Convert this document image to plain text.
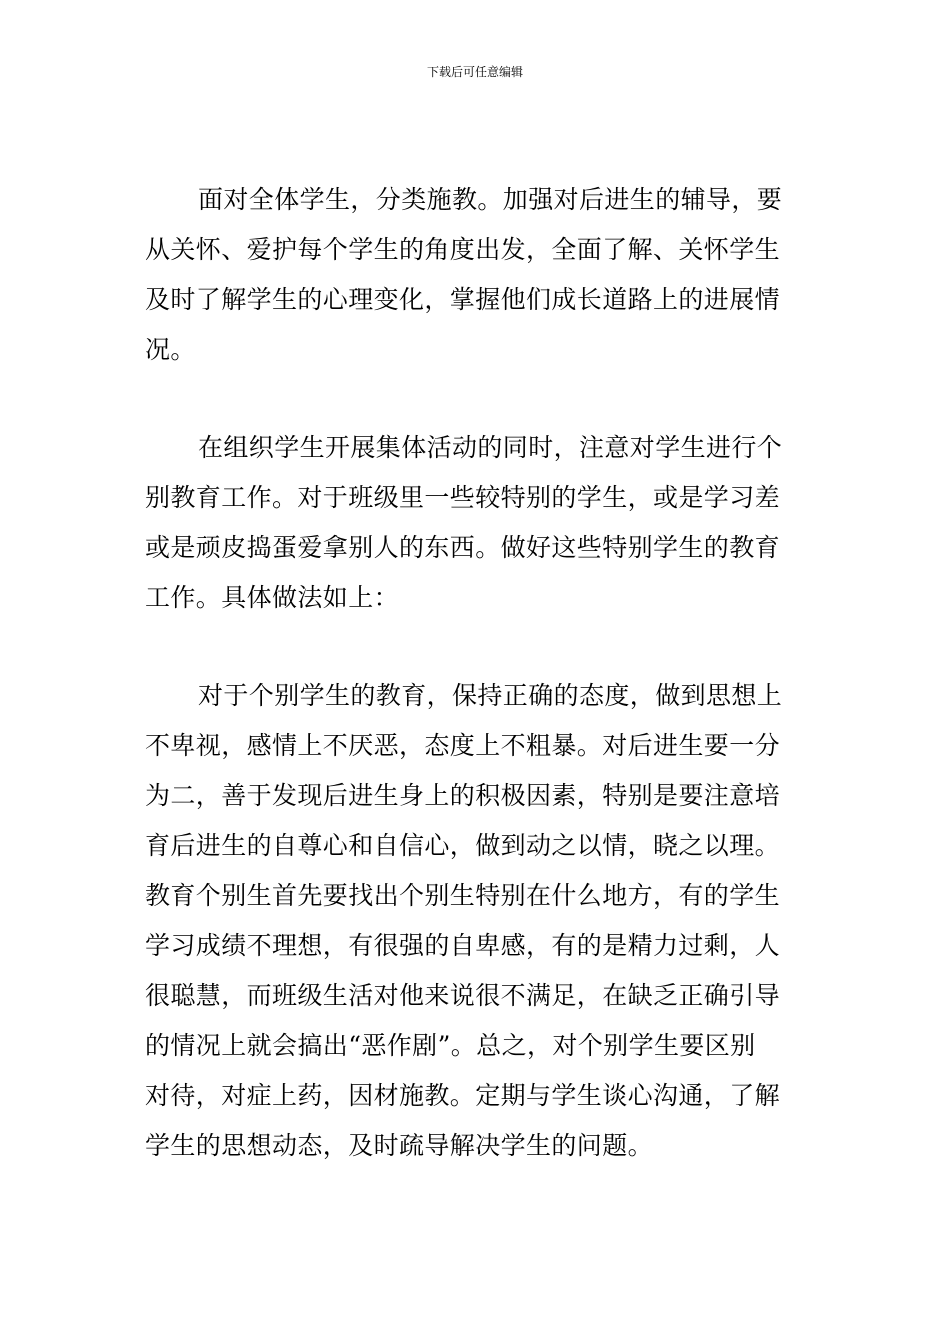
下载后可任意编辑
面对全体学生，分类施教。加强对后进生的辅导，要
从关怀、爱护每个学生的角度出发，全面了解、关怀学生
及时了解学生的心理变化，掌握他们成长道路上的进展情
况。
在组织学生开展集体活动的同时，注意对学生进行个
别教育工作。对于班级里一些较特别的学生，或是学习差
或是顽皮捣蛋爱拿别人的东西。做好这些特别学生的教育
工作。具体做法如上：
对于个别学生的教育，保持正确的态度，做到思想上
不卑视，感情上不厌恶，态度上不粗暴。对后进生要一分
为二，善于发现后进生身上的积极因素，特别是要注意培
育后进生的自尊心和自信心，做到动之以情，晓之以理。
教育个别生首先要找出个别生特别在什么地方，有的学生
学习成绩不理想，有很强的自卑感，有的是精力过剩，人
很聪慧，而班级生活对他来说很不满足，在缺乏正确引导
的情况上就会搞出“恶作剧”。总之，对个别学生要区别
对待，对症上药，因材施教。定期与学生谈心沟通，了解
学生的思想动态，及时疏导解决学生的问题。
